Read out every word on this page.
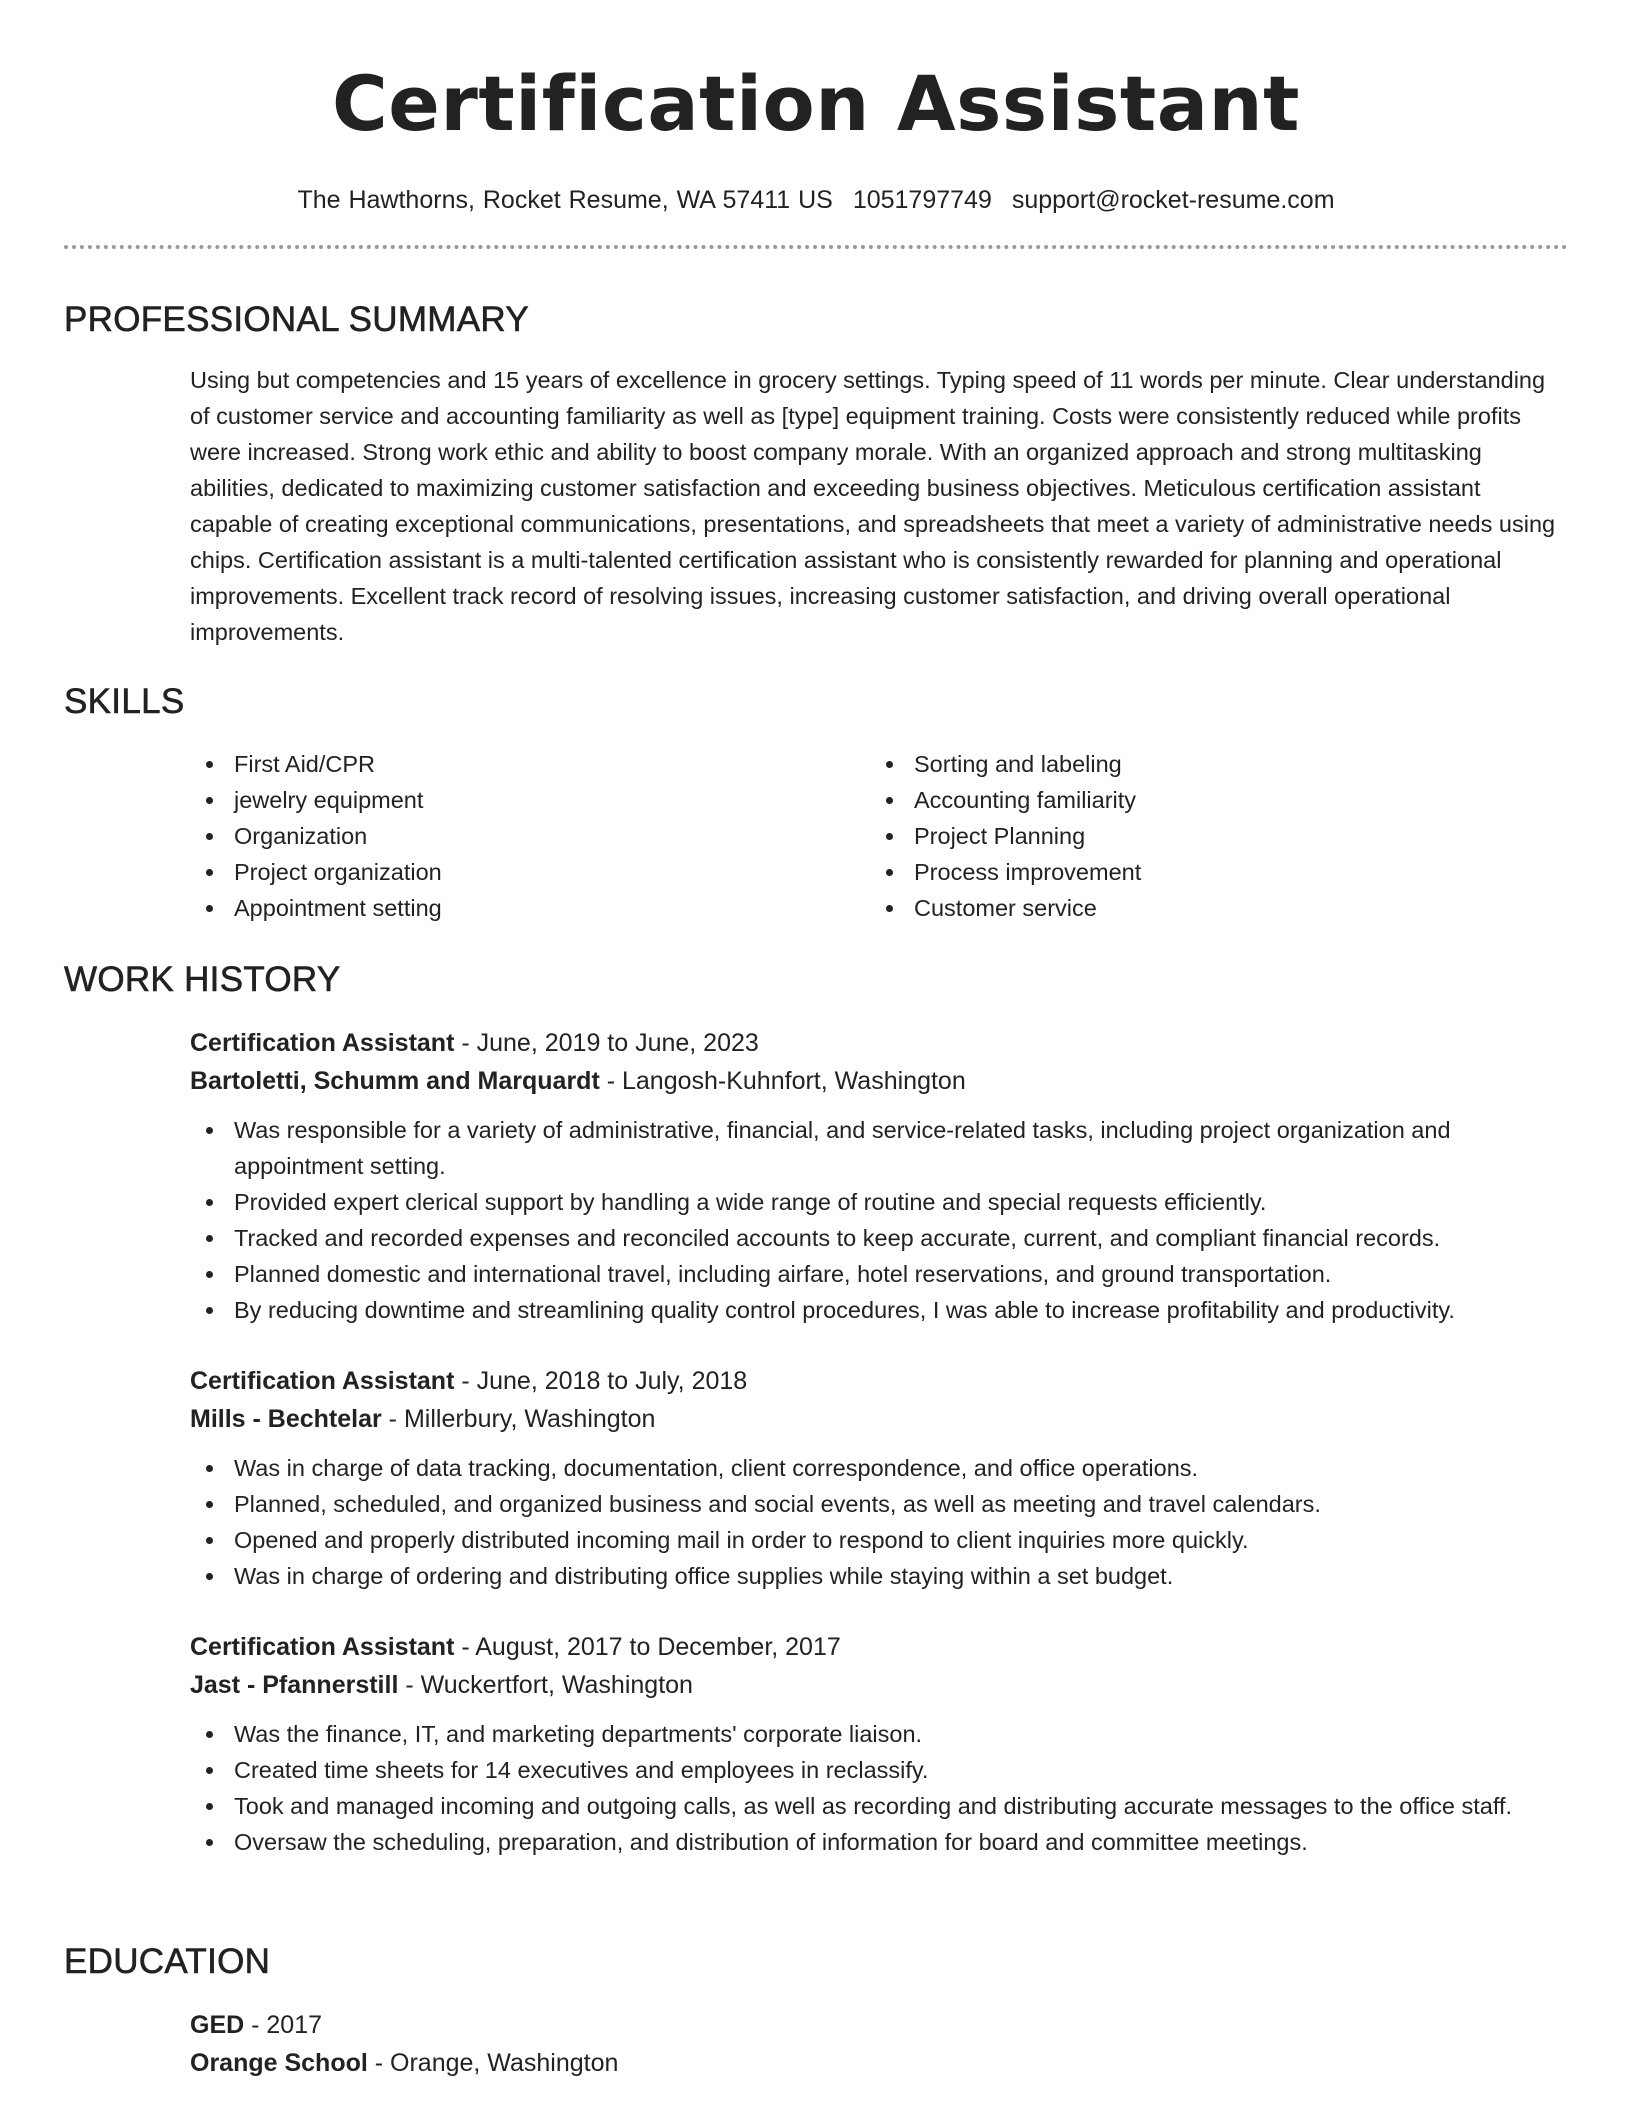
Certification Assistant
The Hawthorns, Rocket Resume, WA 57411 US 1051797749 support@rocket-resume.com
PROFESSIONAL SUMMARY

Using but competencies and 15 years of excellence in grocery settings. Typing speed of 11 words per minute. Clear understanding of customer service and accounting familiarity as well as [type] equipment training. Costs were consistently reduced while profits were increased. Strong work ethic and ability to boost company morale. With an organized approach and strong multitasking abilities, dedicated to maximizing customer satisfaction and exceeding business objectives. Meticulous certification assistant capable of creating exceptional communications, presentations, and spreadsheets that meet a variety of administrative needs using chips. Certification assistant is a multi-talented certification assistant who is consistently rewarded for planning and operational improvements. Excellent track record of resolving issues, increasing customer satisfaction, and driving overall operational improvements.

SKILLS
First Aid/CPR
jewelry equipment
Organization
Project organization
Appointment setting
Sorting and labeling
Accounting familiarity
Project Planning
Process improvement
Customer service
WORK HISTORY
Certification Assistant - June, 2019 to June, 2023
Bartoletti, Schumm and Marquardt - Langosh-Kuhnfort, Washington
Was responsible for a variety of administrative, financial, and service-related tasks, including project organization and appointment setting.
Provided expert clerical support by handling a wide range of routine and special requests efficiently.
Tracked and recorded expenses and reconciled accounts to keep accurate, current, and compliant financial records.
Planned domestic and international travel, including airfare, hotel reservations, and ground transportation.
By reducing downtime and streamlining quality control procedures, I was able to increase profitability and productivity.
Certification Assistant - June, 2018 to July, 2018
Mills - Bechtelar - Millerbury, Washington
Was in charge of data tracking, documentation, client correspondence, and office operations.
Planned, scheduled, and organized business and social events, as well as meeting and travel calendars.
Opened and properly distributed incoming mail in order to respond to client inquiries more quickly.
Was in charge of ordering and distributing office supplies while staying within a set budget.
Certification Assistant - August, 2017 to December, 2017
Jast - Pfannerstill - Wuckertfort, Washington
Was the finance, IT, and marketing departments' corporate liaison.
Created time sheets for 14 executives and employees in reclassify.
Took and managed incoming and outgoing calls, as well as recording and distributing accurate messages to the office staff.
Oversaw the scheduling, preparation, and distribution of information for board and committee meetings.
EDUCATION
GED - 2017
Orange School - Orange, Washington
